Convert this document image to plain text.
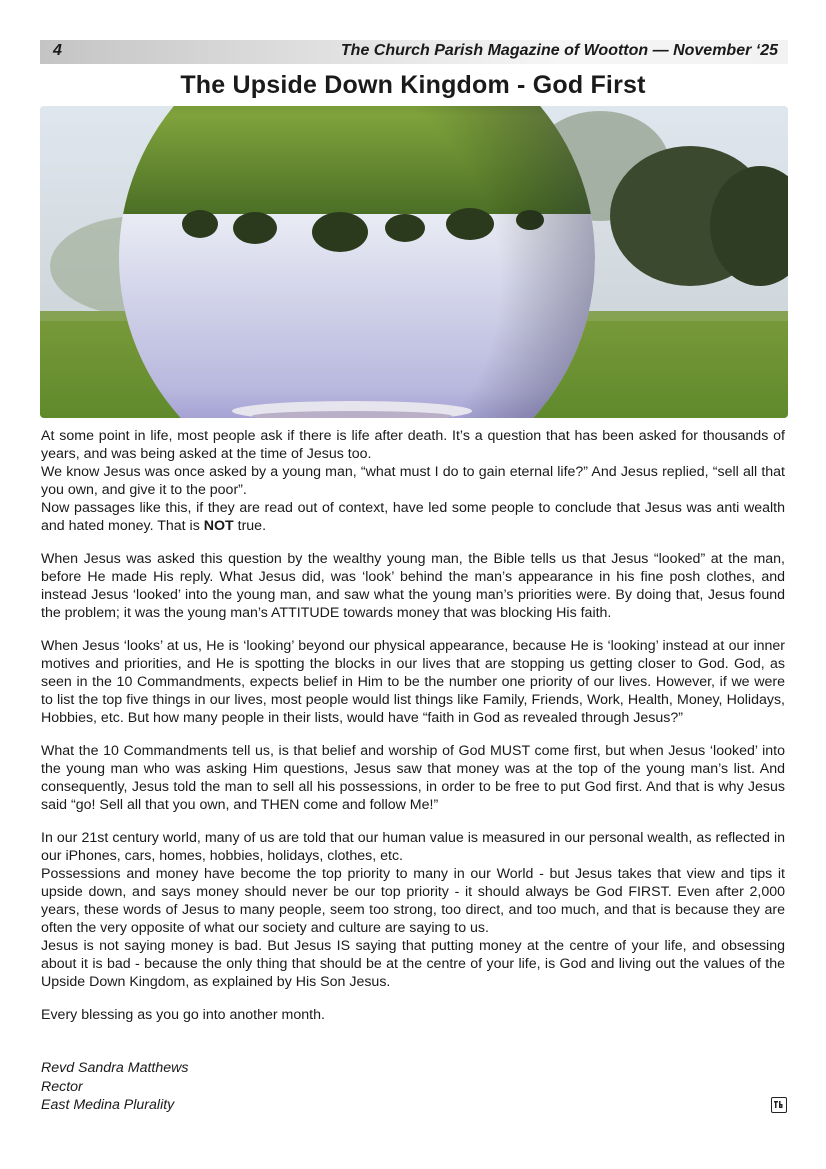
4	The Church Parish Magazine of Wootton — November ‘25
The Upside Down Kingdom - God First

At some point in life, most people ask if there is life after death. It’s a question that has been asked for thousands of years, and was being asked at the time of Jesus too.

We know Jesus was once asked by a young man, “what must I do to gain eternal life?” And Jesus replied, “sell all that you own, and give it to the poor”.

Now passages like this, if they are read out of context, have led some people to conclude that Jesus was anti wealth and hated money. That is NOT true.

When Jesus was asked this question by the wealthy young man, the Bible tells us that Jesus “looked” at the man, before He made His reply. What Jesus did, was ‘look’ behind the man’s appearance in his fine posh clothes, and instead Jesus ‘looked’ into the young man, and saw what the young man’s priorities were. By doing that, Jesus found the problem; it was the young man’s ATTITUDE towards money that was blocking His faith.

When Jesus ‘looks’ at us, He is ‘looking’ beyond our physical appearance, because He is ‘looking’ instead at our inner motives and priorities, and He is spotting the blocks in our lives that are stopping us getting closer to God. God, as seen in the 10 Commandments, expects belief in Him to be the number one priority of our lives. However, if we were to list the top five things in our lives, most people would list things like Family, Friends, Work, Health, Money, Holidays, Hobbies, etc. But how many people in their lists, would have “faith in God as revealed through Jesus?”

What the 10 Commandments tell us, is that belief and worship of God MUST come first, but when Jesus ‘looked’ into the young man who was asking Him questions, Jesus saw that money was at the top of the young man’s list. And consequently, Jesus told the man to sell all his possessions, in order to be free to put God first. And that is why Jesus said “go! Sell all that you own, and THEN come and follow Me!”

In our 21st century world, many of us are told that our human value is measured in our personal wealth, as reflected in our iPhones, cars, homes, hobbies, holidays, clothes, etc.

Possessions and money have become the top priority to many in our World - but Jesus takes that view and tips it upside down, and says money should never be our top priority - it should always be God FIRST. Even after 2,000 years, these words of Jesus to many people, seem too strong, too direct, and too much, and that is because they are often the very opposite of what our society and culture are saying to us.

Jesus is not saying money is bad. But Jesus IS saying that putting money at the centre of your life, and obsessing about it is bad - because the only thing that should be at the centre of your life, is God and living out the values of the Upside Down Kingdom, as explained by His Son Jesus.

Every blessing as you go into another month.

Revd Sandra Matthews
Rector
East Medina Plurality
